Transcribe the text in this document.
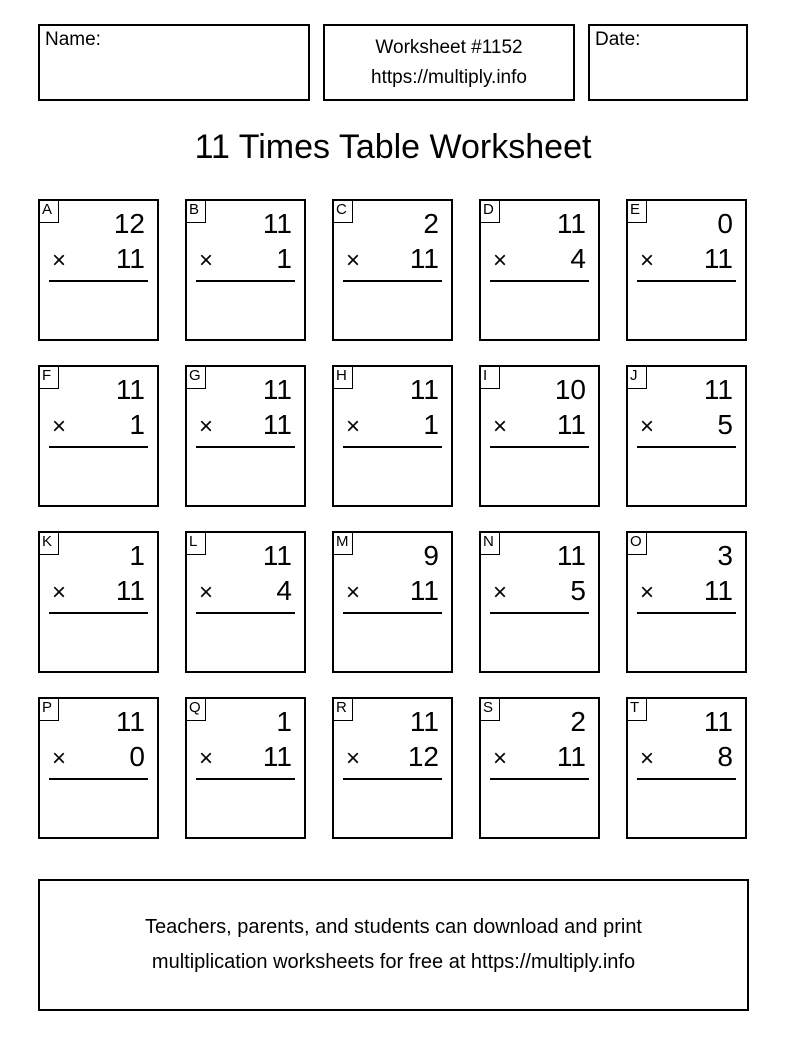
Name:	Worksheet #1152
https://multiply.info
Date:
11 Times Table Worksheet
A 12
× 11
B 11
× 1
C	2
× 11
D 11
× 4
E	0
× 11
F 11
× 1
G 11
× 11
H 11
× 1
I	10
× 11
J	11
× 5
K	1
× 11
L	11
× 4
M	9
× 11
N 11
× 5
O	3
× 11
P 11
× 0
Q	1
× 11
R 11
× 12
S	2
× 11
T 11
× 8
Teachers, parents, and students can download and print
multiplication worksheets for free at https://multiply.info
